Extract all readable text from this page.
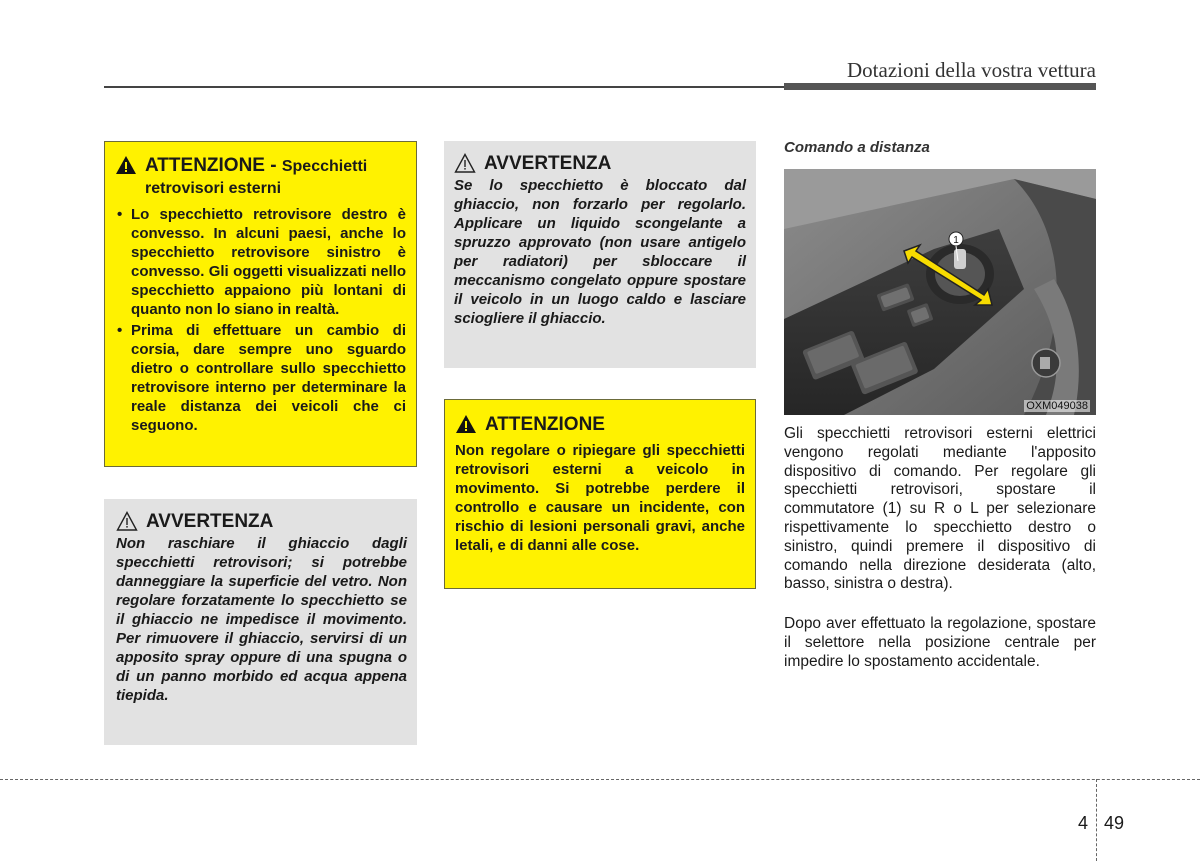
Dotazioni della vostra vettura
ATTENZIONE - Specchietti
retrovisori esterni
• Lo specchietto retrovisore destro è convesso. In alcuni paesi, anche lo specchietto retrovisore sinistro è convesso. Gli oggetti visualizzati nello specchietto appaiono più lontani di quanto non lo siano in realtà.
• Prima di effettuare un cambio di corsia, dare sempre uno sguardo dietro o controllare sullo specchietto retrovisore interno per determinare la reale distanza dei veicoli che ci seguono.
AVVERTENZA
Non raschiare il ghiaccio dagli specchietti retrovisori; si potrebbe danneggiare la superficie del vetro. Non regolare forzatamente lo specchietto se il ghiaccio ne impedisce il movimento. Per rimuovere il ghiaccio, servirsi di un apposito spray oppure di una spugna o di un panno morbido ed acqua appena tiepida.
AVVERTENZA
Se lo specchietto è bloccato dal ghiaccio, non forzarlo per regolarlo. Applicare un liquido scongelante a spruzzo approvato (non usare antigelo per radiatori) per sbloccare il meccanismo congelato oppure spostare il veicolo in un luogo caldo e lasciare sciogliere il ghiaccio.
ATTENZIONE
Non regolare o ripiegare gli specchietti retrovisori esterni a veicolo in movimento. Si potrebbe perdere il controllo e causare un incidente, con rischio di lesioni personali gravi, anche letali, e di danni alle cose.
Comando a distanza
1
OXM049038
Gli specchietti retrovisori esterni elettrici vengono regolati mediante l'apposito dispositivo di comando. Per regolare gli specchietti retrovisori, spostare il commutatore (1) su R o L per selezionare rispettivamente lo specchietto destro o sinistro, quindi premere il dispositivo di comando nella direzione desiderata (alto, basso, sinistra o destra).
Dopo aver effettuato la regolazione, spostare il selettore nella posizione centrale per impedire lo spostamento accidentale.
4 49
